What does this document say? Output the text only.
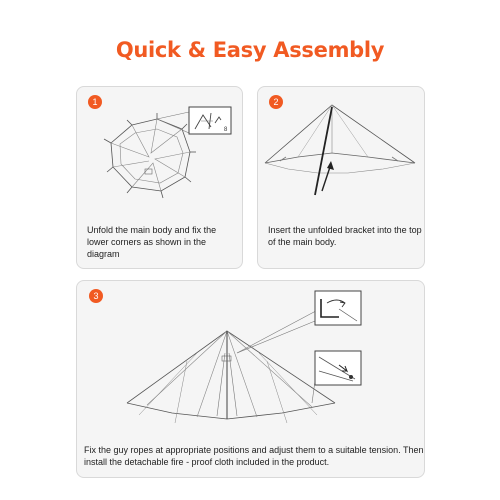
Quick & Easy Assembly
1
8
Unfold the main body and fix the lower corners as shown in the diagram
2
Insert the unfolded bracket into the top of the main body.
3
Fix the guy ropes at appropriate positions and adjust them to a suitable tension. Then install the detachable fire - proof cloth included in the product.
